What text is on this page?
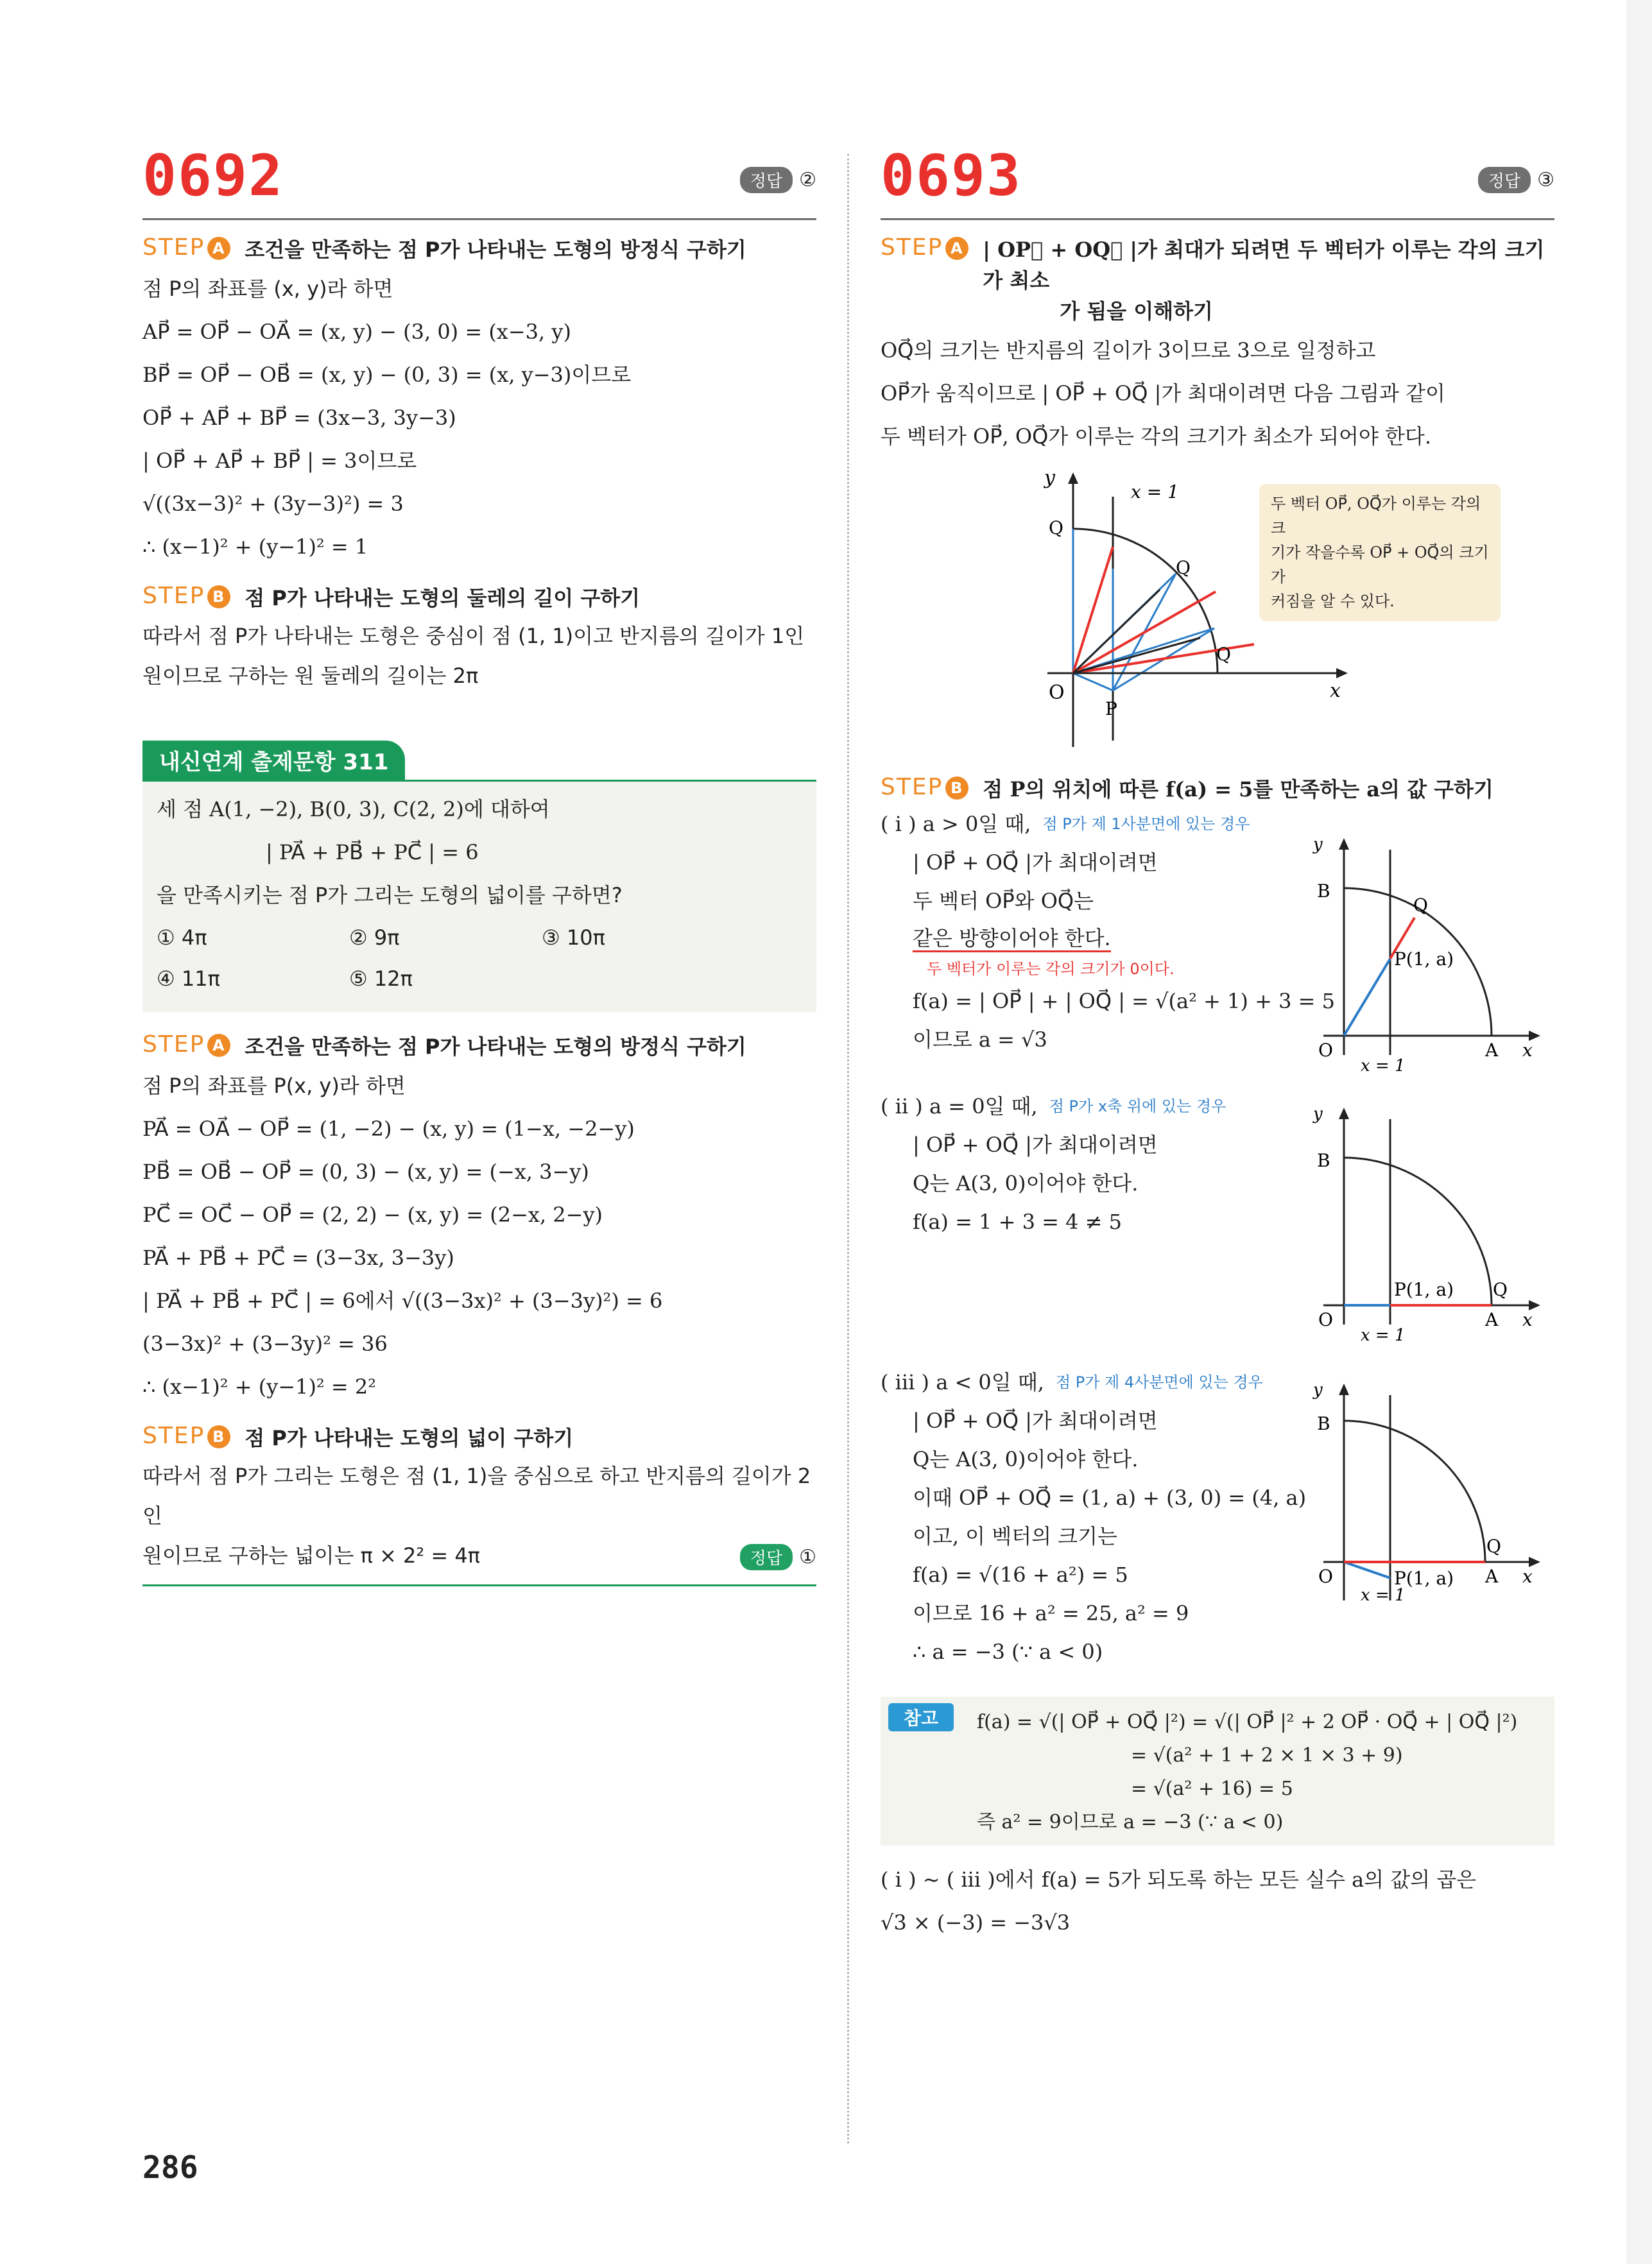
0692	정답 ②
STEP A 조건을 만족하는 점 P가 나타내는 도형의 방정식 구하기
점 P의 좌표를 (x, y)라 하면
AP⃗ = OP⃗ − OA⃗ = (x, y) − (3, 0) = (x−3, y)
BP⃗ = OP⃗ − OB⃗ = (x, y) − (0, 3) = (x, y−3)이므로
OP⃗ + AP⃗ + BP⃗ = (3x−3, 3y−3)
| OP⃗ + AP⃗ + BP⃗ | = 3이므로
√((3x−3)² + (3y−3)²) = 3
∴ (x−1)² + (y−1)² = 1
STEP B 점 P가 나타내는 도형의 둘레의 길이 구하기
따라서 점 P가 나타내는 도형은 중심이 점 (1, 1)이고 반지름의 길이가 1인
원이므로 구하는 원 둘레의 길이는 2π
내신연계 출제문항 311
세 점 A(1, −2), B(0, 3), C(2, 2)에 대하여
| PA⃗ + PB⃗ + PC⃗ | = 6
을 만족시키는 점 P가 그리는 도형의 넓이를 구하면?
① 4π	② 9π	③ 10π
④ 11π	⑤ 12π
STEP A 조건을 만족하는 점 P가 나타내는 도형의 방정식 구하기
점 P의 좌표를 P(x, y)라 하면
PA⃗ = OA⃗ − OP⃗ = (1, −2) − (x, y) = (1−x, −2−y)
PB⃗ = OB⃗ − OP⃗ = (0, 3) − (x, y) = (−x, 3−y)
PC⃗ = OC⃗ − OP⃗ = (2, 2) − (x, y) = (2−x, 2−y)
PA⃗ + PB⃗ + PC⃗ = (3−3x, 3−3y)
| PA⃗ + PB⃗ + PC⃗ | = 6에서 √((3−3x)² + (3−3y)²) = 6
(3−3x)² + (3−3y)² = 36
∴ (x−1)² + (y−1)² = 2²
STEP B 점 P가 나타내는 도형의 넓이 구하기
따라서 점 P가 그리는 도형은 점 (1, 1)을 중심으로 하고 반지름의 길이가 2인
원이므로 구하는 넓이는 π × 2² = 4π	정답 ①
0693	정답 ③
STEP A | OP⃗ + OQ⃗ |가 최대가 되려면 두 벡터가 이루는 각의 크기가 최소
가 됨을 이해하기
OQ⃗의 크기는 반지름의 길이가 3이므로 3으로 일정하고
OP⃗가 움직이므로 | OP⃗ + OQ⃗ |가 최대이려면 다음 그림과 같이
두 벡터가 OP⃗, OQ⃗가 이루는 각의 크기가 최소가 되어야 한다.
y
x
O
x = 1
Q
Q
Q
P
두 벡터 OP⃗, OQ⃗가 이루는 각의 크
기가 작을수록 OP⃗ + OQ⃗의 크기가
커짐을 알 수 있다.
STEP B 점 P의 위치에 따른 f(a) = 5를 만족하는 a의 값 구하기
( i ) a > 0일 때, 점 P가 제 1사분면에 있는 경우
| OP⃗ + OQ⃗ |가 최대이려면
두 벡터 OP⃗와 OQ⃗는
같은 방향이어야 한다.
두 벡터가 이루는 각의 크기가 0이다.
f(a) = | OP⃗ | + | OQ⃗ | = √(a² + 1) + 3 = 5
이므로 a = √3
y
B
Q
P(1, a)
O	A x
x = 1
( ii ) a = 0일 때, 점 P가 x축 위에 있는 경우
| OP⃗ + OQ⃗ |가 최대이려면
Q는 A(3, 0)이어야 한다.
f(a) = 1 + 3 = 4 ≠ 5
y
B
Q
P(1, a)
O	A x
x = 1
( iii ) a < 0일 때, 점 P가 제 4사분면에 있는 경우
| OP⃗ + OQ⃗ |가 최대이려면
Q는 A(3, 0)이어야 한다.
이때 OP⃗ + OQ⃗ = (1, a) + (3, 0) = (4, a)
이고, 이 벡터의 크기는
f(a) = √(16 + a²) = 5
이므로 16 + a² = 25, a² = 9
∴ a = −3 (∵ a < 0)
y
B
Q
P(1, a)
O	A x
x = 1
참고	f(a) = √(| OP⃗ + OQ⃗ |²) = √(| OP⃗ |² + 2 OP⃗ · OQ⃗ + | OQ⃗ |²)
= √(a² + 1 + 2 × 1 × 3 + 9)
= √(a² + 16) = 5
즉 a² = 9이므로 a = −3 (∵ a < 0)
( i ) ~ ( iii )에서 f(a) = 5가 되도록 하는 모든 실수 a의 값의 곱은
√3 × (−3) = −3√3
286
